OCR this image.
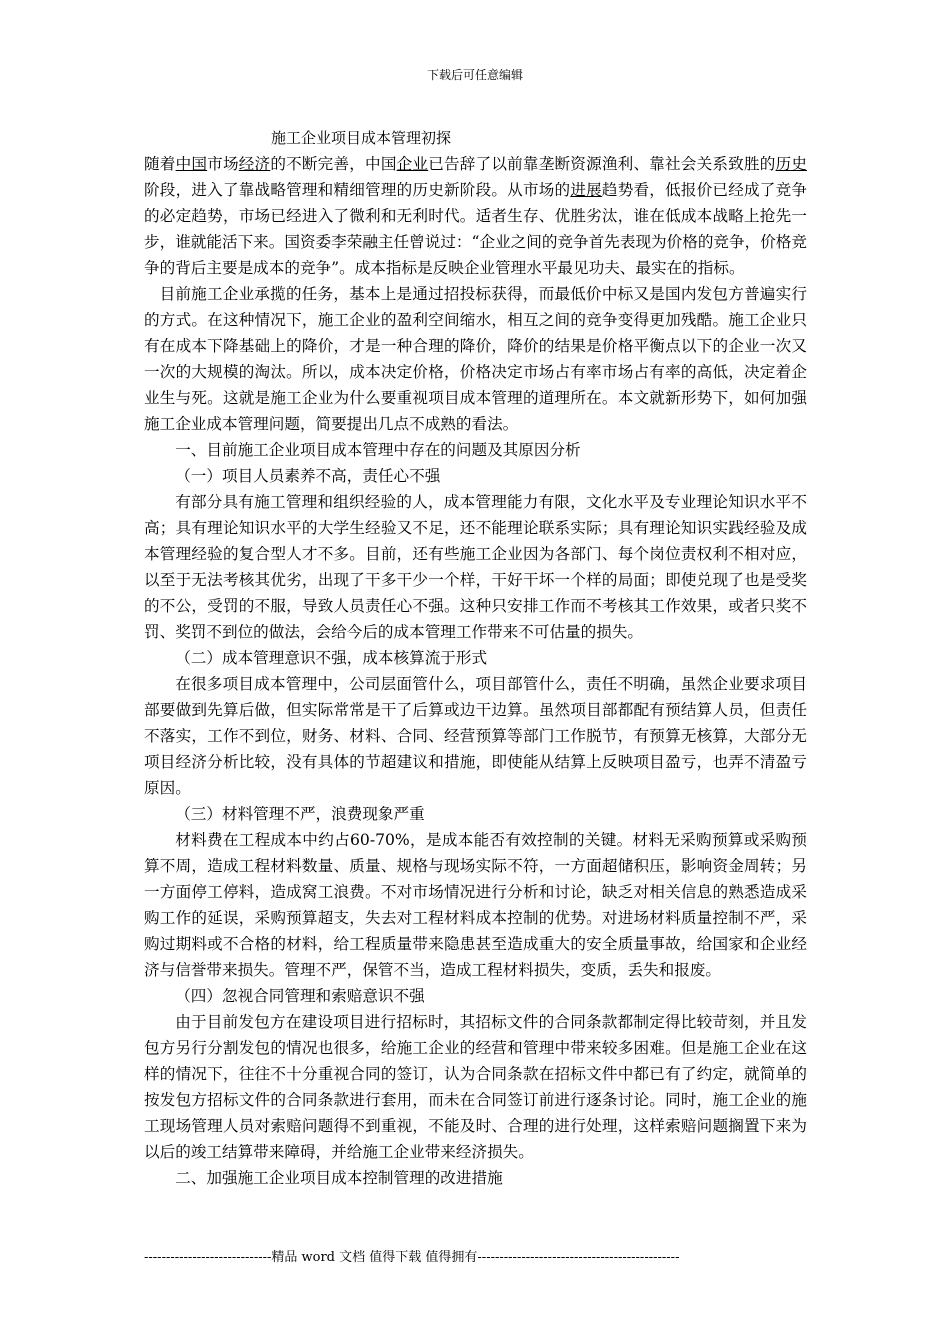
下载后可任意编辑
施工企业项目成本管理初探

随着中国市场经济的不断完善，中国企业已告辞了以前靠垄断资源渔利、靠社会关系致胜的历史阶段，进入了靠战略管理和精细管理的历史新阶段。从市场的进展趋势看，低报价已经成了竞争的必定趋势，市场已经进入了微利和无利时代。适者生存、优胜劣汰，谁在低成本战略上抢先一步，谁就能活下来。国资委李荣融主任曾说过：“企业之间的竞争首先表现为价格的竞争，价格竞争的背后主要是成本的竞争”。成本指标是反映企业管理水平最见功夫、最实在的指标。

目前施工企业承揽的任务，基本上是通过招投标获得，而最低价中标又是国内发包方普遍实行的方式。在这种情况下，施工企业的盈利空间缩水，相互之间的竞争变得更加残酷。施工企业只有在成本下降基础上的降价，才是一种合理的降价，降价的结果是价格平衡点以下的企业一次又一次的大规模的淘汰。所以，成本决定价格，价格决定市场占有率市场占有率的高低，决定着企业生与死。这就是施工企业为什么要重视项目成本管理的道理所在。本文就新形势下，如何加强施工企业成本管理问题，简要提出几点不成熟的看法。

一、目前施工企业项目成本管理中存在的问题及其原因分析

（一）项目人员素养不高，责任心不强

有部分具有施工管理和组织经验的人，成本管理能力有限，文化水平及专业理论知识水平不高；具有理论知识水平的大学生经验又不足，还不能理论联系实际；具有理论知识实践经验及成本管理经验的复合型人才不多。目前，还有些施工企业因为各部门、每个岗位责权利不相对应，以至于无法考核其优劣，出现了干多干少一个样，干好干坏一个样的局面；即使兑现了也是受奖的不公，受罚的不服，导致人员责任心不强。这种只安排工作而不考核其工作效果，或者只奖不罚、奖罚不到位的做法，会给今后的成本管理工作带来不可估量的损失。

（二）成本管理意识不强，成本核算流于形式

在很多项目成本管理中，公司层面管什么，项目部管什么，责任不明确，虽然企业要求项目部要做到先算后做，但实际常常是干了后算或边干边算。虽然项目部都配有预结算人员，但责任不落实，工作不到位，财务、材料、合同、经营预算等部门工作脱节，有预算无核算，大部分无项目经济分析比较，没有具体的节超建议和措施，即使能从结算上反映项目盈亏，也弄不清盈亏原因。

（三）材料管理不严，浪费现象严重

材料费在工程成本中约占60-70%，是成本能否有效控制的关键。材料无采购预算或采购预算不周，造成工程材料数量、质量、规格与现场实际不符，一方面超储积压，影响资金周转；另一方面停工停料，造成窝工浪费。不对市场情况进行分析和讨论，缺乏对相关信息的熟悉造成采购工作的延误，采购预算超支，失去对工程材料成本控制的优势。对进场材料质量控制不严，采购过期料或不合格的材料，给工程质量带来隐患甚至造成重大的安全质量事故，给国家和企业经济与信誉带来损失。管理不严，保管不当，造成工程材料损失，变质，丢失和报废。

（四）忽视合同管理和索赔意识不强

由于目前发包方在建设项目进行招标时，其招标文件的合同条款都制定得比较苛刻，并且发包方另行分割发包的情况也很多，给施工企业的经营和管理中带来较多困难。但是施工企业在这样的情况下，往往不十分重视合同的签订，认为合同条款在招标文件中都已有了约定，就简单的按发包方招标文件的合同条款进行套用，而未在合同签订前进行逐条讨论。同时，施工企业的施工现场管理人员对索赔问题得不到重视，不能及时、合理的进行处理，这样索赔问题搁置下来为以后的竣工结算带来障碍，并给施工企业带来经济损失。

二、加强施工企业项目成本控制管理的改进措施

-----------------------------精品 word 文档 值得下载 值得拥有----------------------------------------------
